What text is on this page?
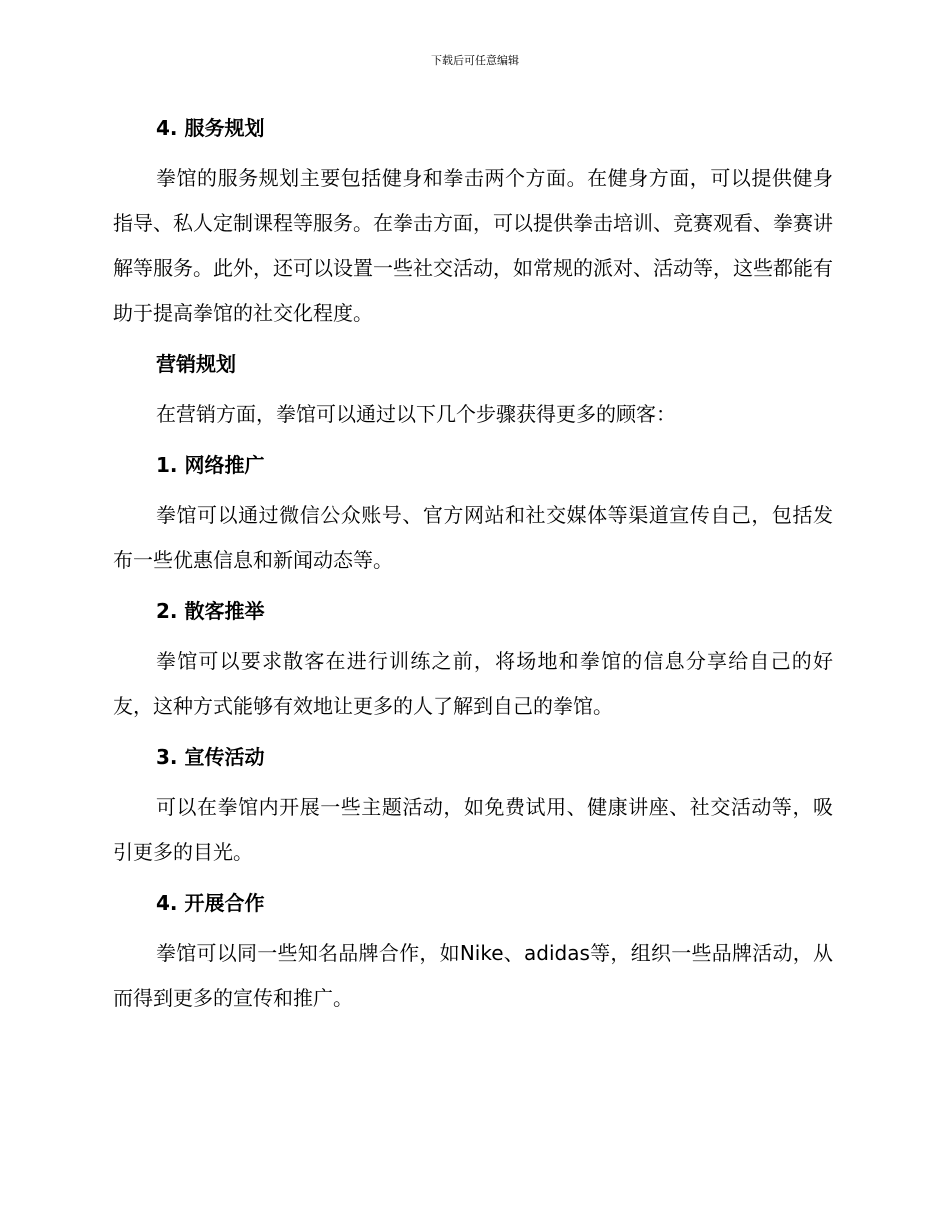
下载后可任意编辑
4. 服务规划

拳馆的服务规划主要包括健身和拳击两个方面。在健身方面，可以提供健身指导、私人定制课程等服务。在拳击方面，可以提供拳击培训、竞赛观看、拳赛讲解等服务。此外，还可以设置一些社交活动，如常规的派对、活动等，这些都能有助于提高拳馆的社交化程度。

营销规划

在营销方面，拳馆可以通过以下几个步骤获得更多的顾客：

1. 网络推广

拳馆可以通过微信公众账号、官方网站和社交媒体等渠道宣传自己，包括发布一些优惠信息和新闻动态等。

2. 散客推举

拳馆可以要求散客在进行训练之前，将场地和拳馆的信息分享给自己的好友，这种方式能够有效地让更多的人了解到自己的拳馆。

3. 宣传活动

可以在拳馆内开展一些主题活动，如免费试用、健康讲座、社交活动等，吸引更多的目光。

4. 开展合作

拳馆可以同一些知名品牌合作，如Nike、adidas等，组织一些品牌活动，从而得到更多的宣传和推广。
